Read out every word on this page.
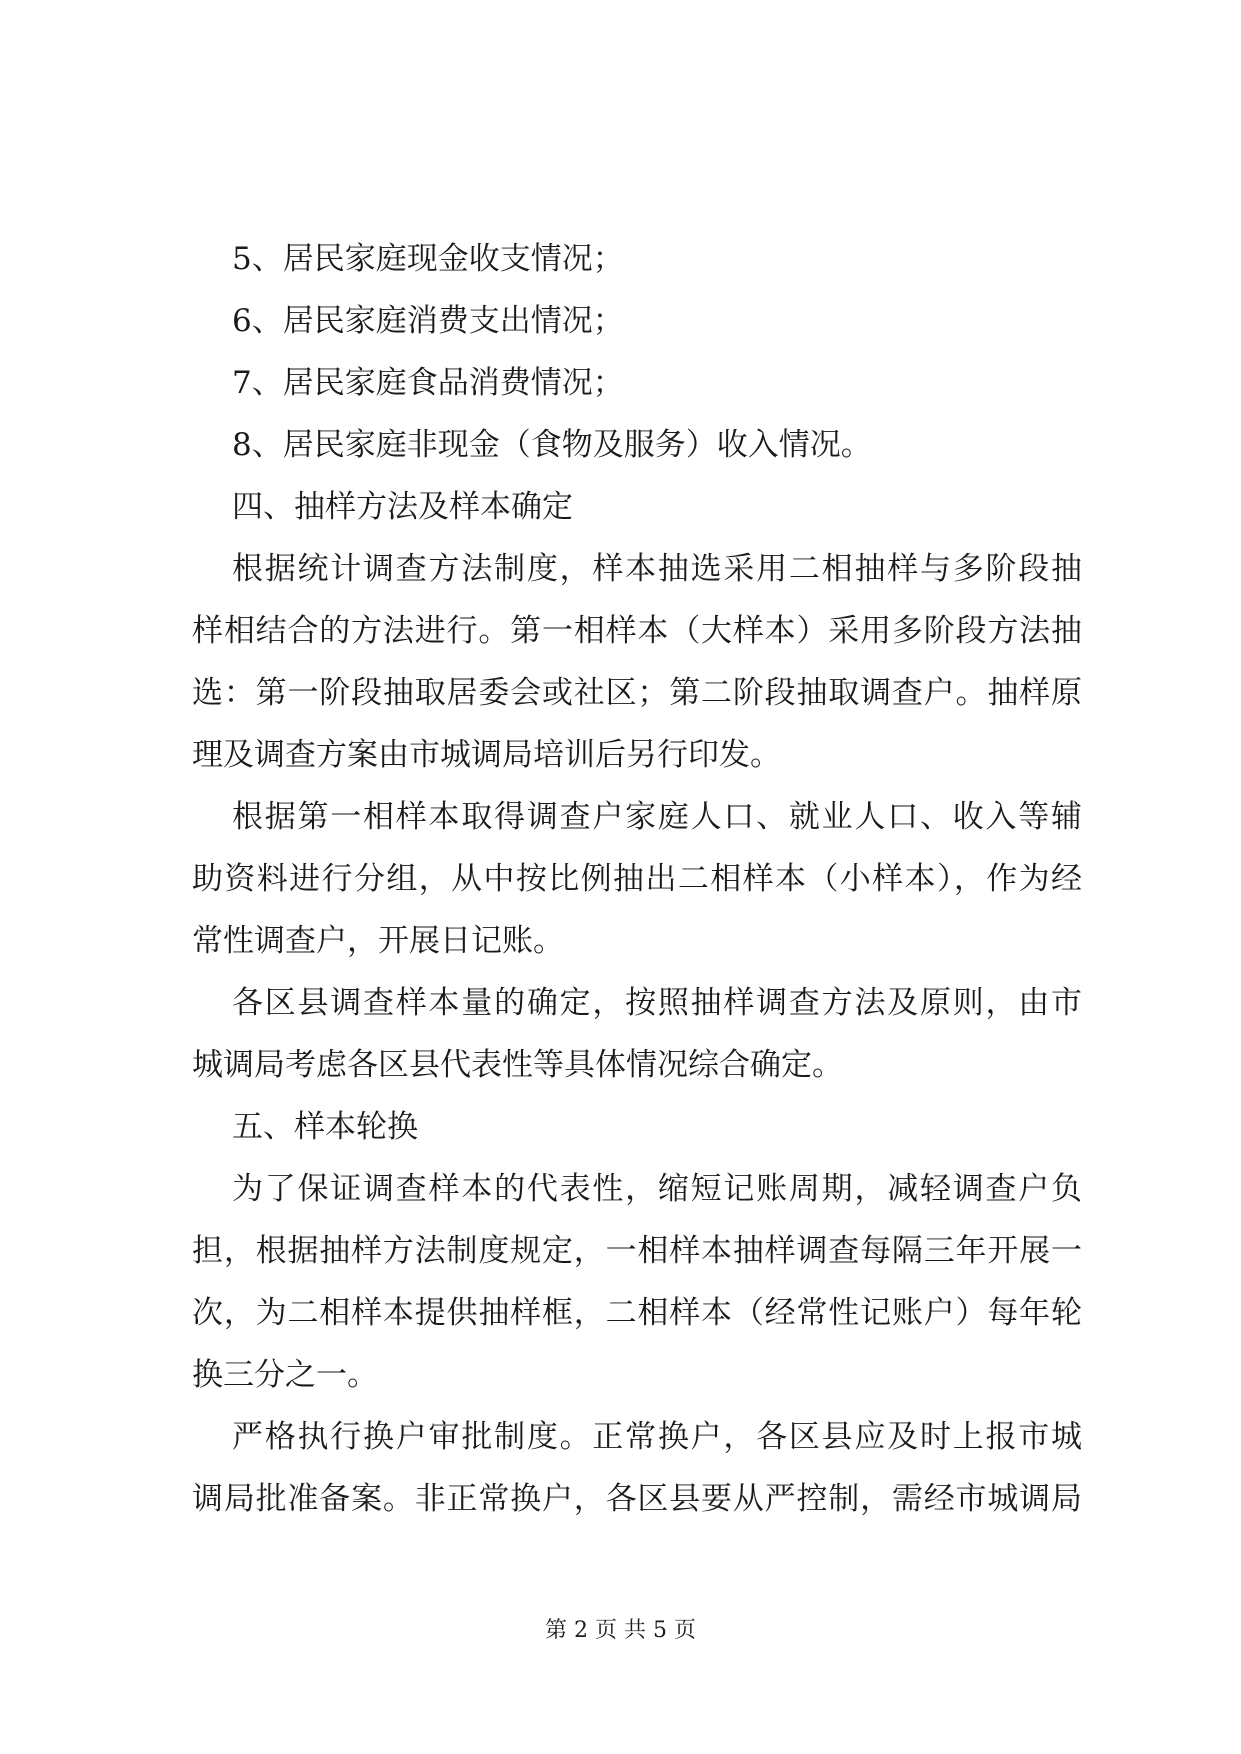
5、居民家庭现金收支情况；
6、居民家庭消费支出情况；
7、居民家庭食品消费情况；
8、居民家庭非现金（食物及服务）收入情况。
四、抽样方法及样本确定
根据统计调查方法制度，样本抽选采用二相抽样与多阶段抽
样相结合的方法进行。第一相样本（大样本）采用多阶段方法抽
选：第一阶段抽取居委会或社区；第二阶段抽取调查户。抽样原
理及调查方案由市城调局培训后另行印发。
根据第一相样本取得调查户家庭人口、就业人口、收入等辅
助资料进行分组，从中按比例抽出二相样本（小样本），作为经
常性调查户，开展日记账。
各区县调查样本量的确定，按照抽样调查方法及原则，由市
城调局考虑各区县代表性等具体情况综合确定。
五、样本轮换
为了保证调查样本的代表性，缩短记账周期，减轻调查户负
担，根据抽样方法制度规定，一相样本抽样调查每隔三年开展一
次，为二相样本提供抽样框，二相样本（经常性记账户）每年轮
换三分之一。
严格执行换户审批制度。正常换户，各区县应及时上报市城
调局批准备案。非正常换户，各区县要从严控制，需经市城调局
第 2 页 共 5 页
